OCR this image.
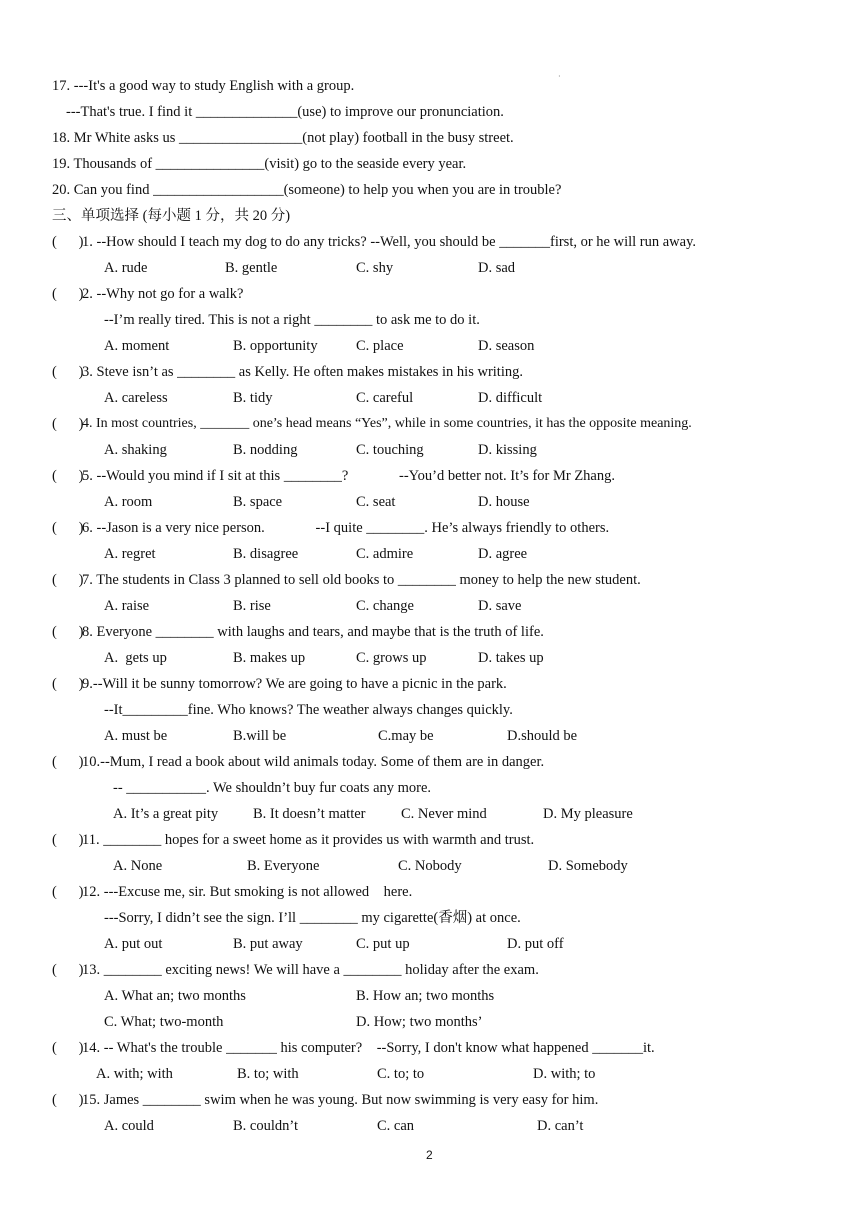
·
17. ---It's a good way to study English with a group.
---That's true. I find it ______________(use) to improve our pronunciation.
18. Mr White asks us _________________(not play) football in the busy street.
19. Thousands of _______________(visit) go to the seaside every year.
20. Can you find __________________(someone) to help you when you are in trouble?
三、单项选择 (每小题 1 分，共 20 分)
(      )
1. --How should I teach my dog to do any tricks? --Well, you should be _______first, or he will run away.
A. rude	B. gentle	C. shy	D. sad
(      )
2. --Why not go for a walk?
--I’m really tired. This is not a right ________ to ask me to do it.
A. moment	B. opportunity	C. place	D. season
(      )
3. Steve isn’t as ________ as Kelly. He often makes mistakes in his writing.
A. careless	B. tidy	C. careful	D. difficult
(      )
4. In most countries, _______ one’s head means “Yes”, while in some countries, it has the opposite meaning.
A. shaking	B. nodding	C. touching	D. kissing
(      )
5. --Would you mind if I sit at this ________?              --You’d better not. It’s for Mr Zhang.
A. room	B. space	C. seat	D. house
(      )
6. --Jason is a very nice person.              --I quite ________. He’s always friendly to others.
A. regret	B. disagree	C. admire	D. agree
(      )
7. The students in Class 3 planned to sell old books to ________ money to help the new student.
A. raise	B. rise	C. change	D. save
(      )
8. Everyone ________ with laughs and tears, and maybe that is the truth of life.
A.  gets up	B. makes up	C. grows up	D. takes up
(      )
9.--Will it be sunny tomorrow? We are going to have a picnic in the park.
--It_________fine. Who knows? The weather always changes quickly.
A. must be	B.will be	C.may be	D.should be
(      )
10.--Mum, I read a book about wild animals today. Some of them are in danger.
-- ___________. We shouldn’t buy fur coats any more.
A. It’s a great pity B. It doesn’t matter C. Never mind	D. My pleasure
(      )
11. ________ hopes for a sweet home as it provides us with warmth and trust.
A. None	B. Everyone	C. Nobody	D. Somebody
(      )
12. ---Excuse me, sir. But smoking is not allowed    here.
---Sorry, I didn’t see the sign. I’ll ________ my cigarette(香烟) at once.
A. put out	B. put away	C. put up	D. put off
(      )
13. ________ exciting news! We will have a ________ holiday after the exam.
A. What an; two months	B. How an; two months
C. What; two-month	D. How; two months’
(      )
14. -- What's the trouble _______ his computer?    --Sorry, I don't know what happened _______it.
A. with; with	B. to; with	C. to; to	D. with; to
(      )
15. James ________ swim when he was young. But now swimming is very easy for him.
A. could	B. couldn’t	C. can	D. can’t
2
